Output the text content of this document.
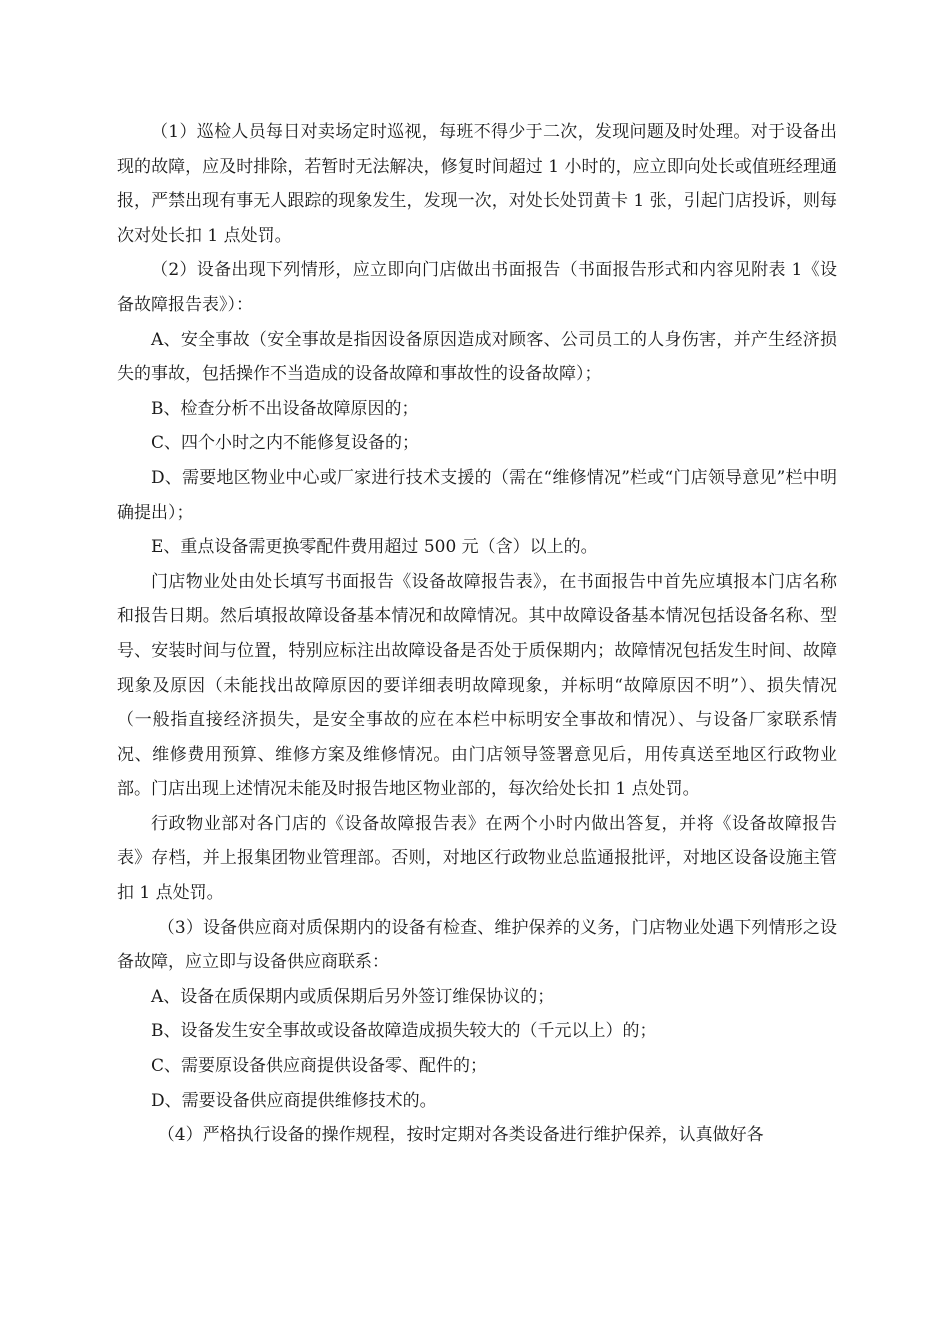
（1）巡检人员每日对卖场定时巡视，每班不得少于二次，发现问题及时处理。对于设备出现的故障，应及时排除，若暂时无法解决，修复时间超过 1 小时的，应立即向处长或值班经理通报，严禁出现有事无人跟踪的现象发生，发现一次，对处长处罚黄卡 1 张，引起门店投诉，则每次对处长扣 1 点处罚。

（2）设备出现下列情形，应立即向门店做出书面报告（书面报告形式和内容见附表 1《设备故障报告表》）：

A、安全事故（安全事故是指因设备原因造成对顾客、公司员工的人身伤害，并产生经济损失的事故，包括操作不当造成的设备故障和事故性的设备故障）；

B、检查分析不出设备故障原因的；

C、四个小时之内不能修复设备的；

D、需要地区物业中心或厂家进行技术支援的（需在“维修情况”栏或“门店领导意见”栏中明确提出）；

E、重点设备需更换零配件费用超过 500 元（含）以上的。

门店物业处由处长填写书面报告《设备故障报告表》，在书面报告中首先应填报本门店名称和报告日期。然后填报故障设备基本情况和故障情况。其中故障设备基本情况包括设备名称、型号、安装时间与位置，特别应标注出故障设备是否处于质保期内；故障情况包括发生时间、故障现象及原因（未能找出故障原因的要详细表明故障现象，并标明“故障原因不明”）、损失情况（一般指直接经济损失，是安全事故的应在本栏中标明安全事故和情况）、与设备厂家联系情况、维修费用预算、维修方案及维修情况。由门店领导签署意见后，用传真送至地区行政物业部。门店出现上述情况未能及时报告地区物业部的，每次给处长扣 1 点处罚。

行政物业部对各门店的《设备故障报告表》在两个小时内做出答复，并将《设备故障报告表》存档，并上报集团物业管理部。否则，对地区行政物业总监通报批评，对地区设备设施主管扣 1 点处罚。

（3）设备供应商对质保期内的设备有检查、维护保养的义务，门店物业处遇下列情形之设备故障，应立即与设备供应商联系：

A、设备在质保期内或质保期后另外签订维保协议的；

B、设备发生安全事故或设备故障造成损失较大的（千元以上）的；

C、需要原设备供应商提供设备零、配件的；

D、需要设备供应商提供维修技术的。

（4）严格执行设备的操作规程，按时定期对各类设备进行维护保养，认真做好各
